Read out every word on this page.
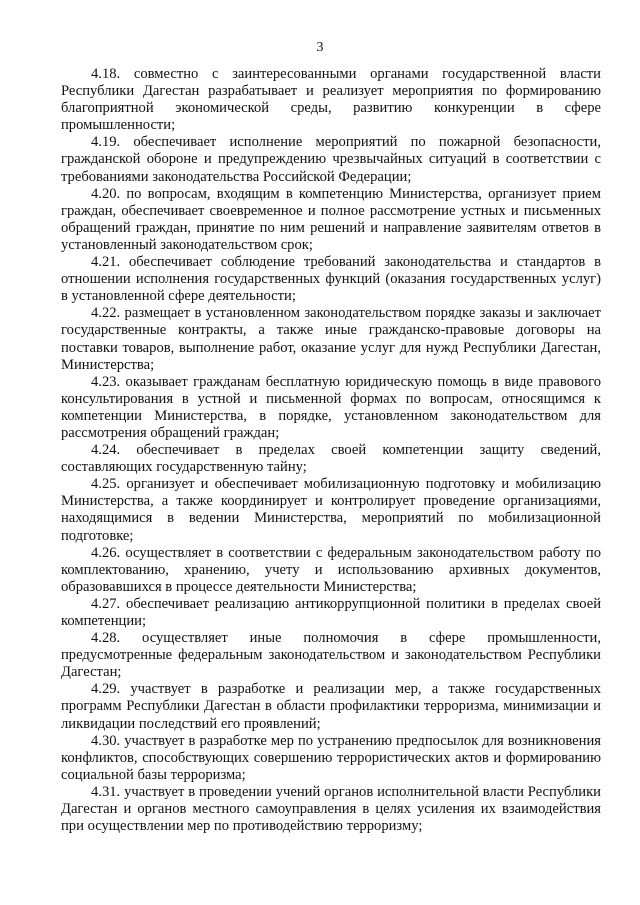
3

4.18. совместно с заинтересованными органами государственной власти Республики Дагестан разрабатывает и реализует мероприятия по формированию благоприятной экономической среды, развитию конкуренции в сфере промышленности;

4.19. обеспечивает исполнение мероприятий по пожарной безопасности, гражданской обороне и предупреждению чрезвычайных ситуаций в соответствии с требованиями законодательства Российской Федерации;

4.20. по вопросам, входящим в компетенцию Министерства, организует прием граждан, обеспечивает своевременное и полное рассмотрение устных и письменных обращений граждан, принятие по ним решений и направление заявителям ответов в установленный законодательством срок;

4.21. обеспечивает соблюдение требований законодательства и стандартов в отношении исполнения государственных функций (оказания государственных услуг) в установленной сфере деятельности;

4.22. размещает в установленном законодательством порядке заказы и заключает государственные контракты, а также иные гражданско-правовые договоры на поставки товаров, выполнение работ, оказание услуг для нужд Республики Дагестан, Министерства;

4.23. оказывает гражданам бесплатную юридическую помощь в виде правового консультирования в устной и письменной формах по вопросам, относящимся к компетенции Министерства, в порядке, установленном законодательством для рассмотрения обращений граждан;

4.24. обеспечивает в пределах своей компетенции защиту сведений, составляющих государственную тайну;

4.25. организует и обеспечивает мобилизационную подготовку и мобилизацию Министерства, а также координирует и контролирует проведение организациями, находящимися в ведении Министерства, мероприятий по мобилизационной подготовке;

4.26. осуществляет в соответствии с федеральным законодательством работу по комплектованию, хранению, учету и использованию архивных документов, образовавшихся в процессе деятельности Министерства;

4.27. обеспечивает реализацию антикоррупционной политики в пределах своей компетенции;

4.28. осуществляет иные полномочия в сфере промышленности, предусмотренные федеральным законодательством и законодательством Республики Дагестан;

4.29. участвует в разработке и реализации мер, а также государственных программ Республики Дагестан в области профилактики терроризма, минимизации и ликвидации последствий его проявлений;

4.30. участвует в разработке мер по устранению предпосылок для возникновения конфликтов, способствующих совершению террористических актов и формированию социальной базы терроризма;

4.31. участвует в проведении учений органов исполнительной власти Республики Дагестан и органов местного самоуправления в целях усиления их взаимодействия при осуществлении мер по противодействию терроризму;
